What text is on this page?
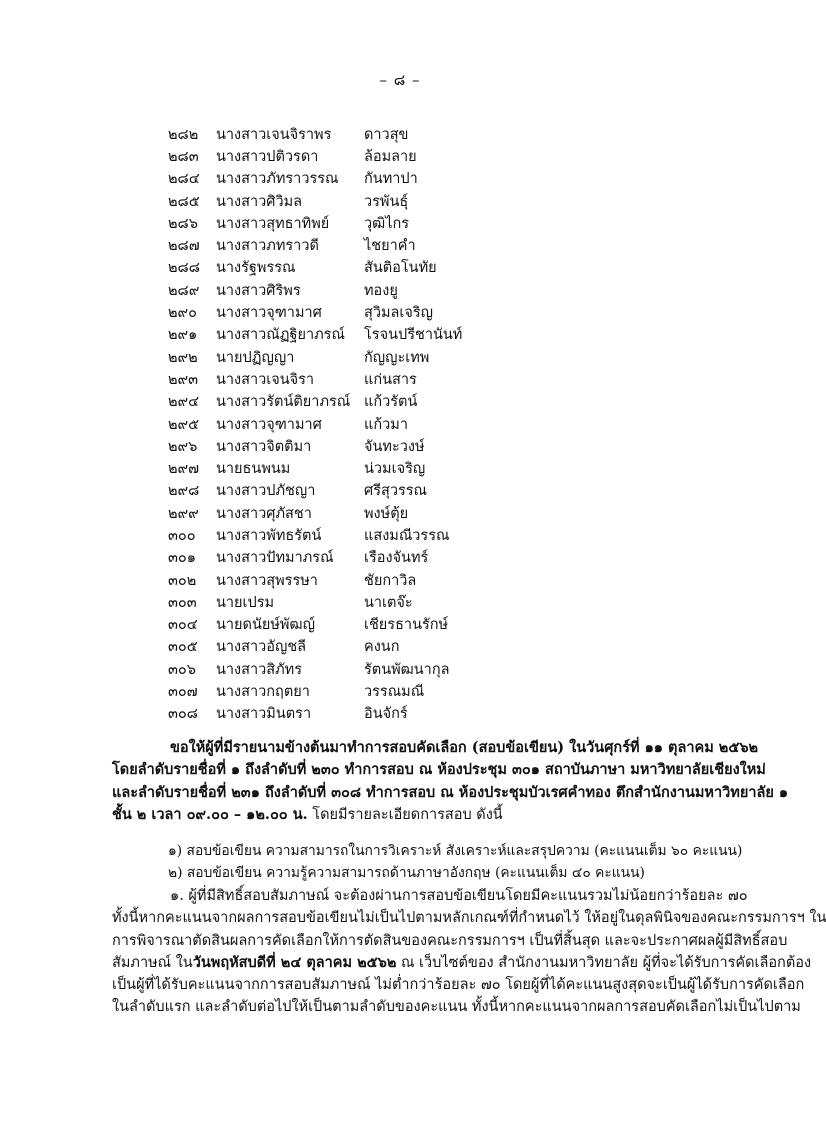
– ๘ –
๒๘๒	นางสาวเจนจิราพร	ดาวสุข
๒๘๓	นางสาวปติวรดา	ล้อมลาย
๒๘๔	นางสาวภัทราวรรณ	กันทาปา
๒๘๕	นางสาวศิวิมล	วรพันธุ์
๒๘๖	นางสาวสุทธาทิพย์	วุฒิไกร
๒๘๗	นางสาวภทราวดี	ไชยาคำ
๒๘๘	นางรัฐพรรณ	สันติอโนทัย
๒๘๙	นางสาวศิริพร	ทองยู
๒๙๐	นางสาวจุฑามาศ	สุวิมลเจริญ
๒๙๑	นางสาวณัฏฐิยาภรณ์	โรจนปรีชานันท์
๒๙๒	นายปฏิญญา	กัญญะเทพ
๒๙๓	นางสาวเจนจิรา	แก่นสาร
๒๙๔	นางสาวรัตน์ติยาภรณ์ แก้วรัตน์
๒๙๕	นางสาวจุฑามาศ	แก้วมา
๒๙๖	นางสาวจิตติมา	จันทะวงษ์
๒๙๗	นายธนพนม	น่วมเจริญ
๒๙๘	นางสาวปภัชญา	ศรีสุวรรณ
๒๙๙	นางสาวศุภัสชา	พงษ์ตุ้ย
๓๐๐	นางสาวพัทธรัตน์	แสงมณีวรรณ
๓๐๑	นางสาวปัทมาภรณ์	เรืองจันทร์
๓๐๒	นางสาวสุพรรษา	ชัยกาวิล
๓๐๓	นายเปรม	นาเตจ๊ะ
๓๐๔	นายดนัยษ์พัฒญ์	เชียรธานรักษ์
๓๐๕	นางสาวอัญชลี	คงนก
๓๐๖	นางสาวสิภัทร	รัตนพัฒนากุล
๓๐๗	นางสาวกฤตยา	วรรณมณี
๓๐๘	นางสาวมินตรา	อินจักร์
ขอให้ผู้ที่มีรายนามข้างต้นมาทำการสอบคัดเลือก (สอบข้อเขียน) ในวันศุกร์ที่ ๑๑ ตุลาคม ๒๕๖๒
โดยลำดับรายชื่อที่ ๑ ถึงลำดับที่ ๒๓๐ ทำการสอบ ณ ห้องประชุม ๓๐๑ สถาบันภาษา มหาวิทยาลัยเชียงใหม่
และลำดับรายชื่อที่ ๒๓๑ ถึงลำดับที่ ๓๐๘ ทำการสอบ ณ ห้องประชุมบัวเรศคำทอง ตึกสำนักงานมหาวิทยาลัย ๑
ชั้น ๒ เวลา ๐๙.๐๐ – ๑๒.๐๐ น. โดยมีรายละเอียดการสอบ ดังนี้
๑) สอบข้อเขียน ความสามารถในการวิเคราะห์ สังเคราะห์และสรุปความ (คะแนนเต็ม ๖๐ คะแนน)
๒) สอบข้อเขียน ความรู้ความสามารถด้านภาษาอังกฤษ (คะแนนเต็ม ๔๐ คะแนน)
๑. ผู้ที่มีสิทธิ์สอบสัมภาษณ์ จะต้องผ่านการสอบข้อเขียนโดยมีคะแนนรวมไม่น้อยกว่าร้อยละ ๗๐
ทั้งนี้หากคะแนนจากผลการสอบข้อเขียนไม่เป็นไปตามหลักเกณฑ์ที่กำหนดไว้ ให้อยู่ในดุลพินิจของคณะกรรมการฯ ใน
การพิจารณาตัดสินผลการคัดเลือกให้การตัดสินของคณะกรรมการฯ เป็นที่สิ้นสุด และจะประกาศผลผู้มีสิทธิ์สอบ
สัมภาษณ์ ในวันพฤหัสบดีที่ ๒๔ ตุลาคม ๒๕๖๒ ณ เว็บไซต์ของ สำนักงานมหาวิทยาลัย ผู้ที่จะได้รับการคัดเลือกต้อง
เป็นผู้ที่ได้รับคะแนนจากการสอบสัมภาษณ์ ไม่ต่ำกว่าร้อยละ ๗๐ โดยผู้ที่ได้คะแนนสูงสุดจะเป็นผู้ได้รับการคัดเลือก
ในลำดับแรก และลำดับต่อไปให้เป็นตามลำดับของคะแนน ทั้งนี้หากคะแนนจากผลการสอบคัดเลือกไม่เป็นไปตาม
